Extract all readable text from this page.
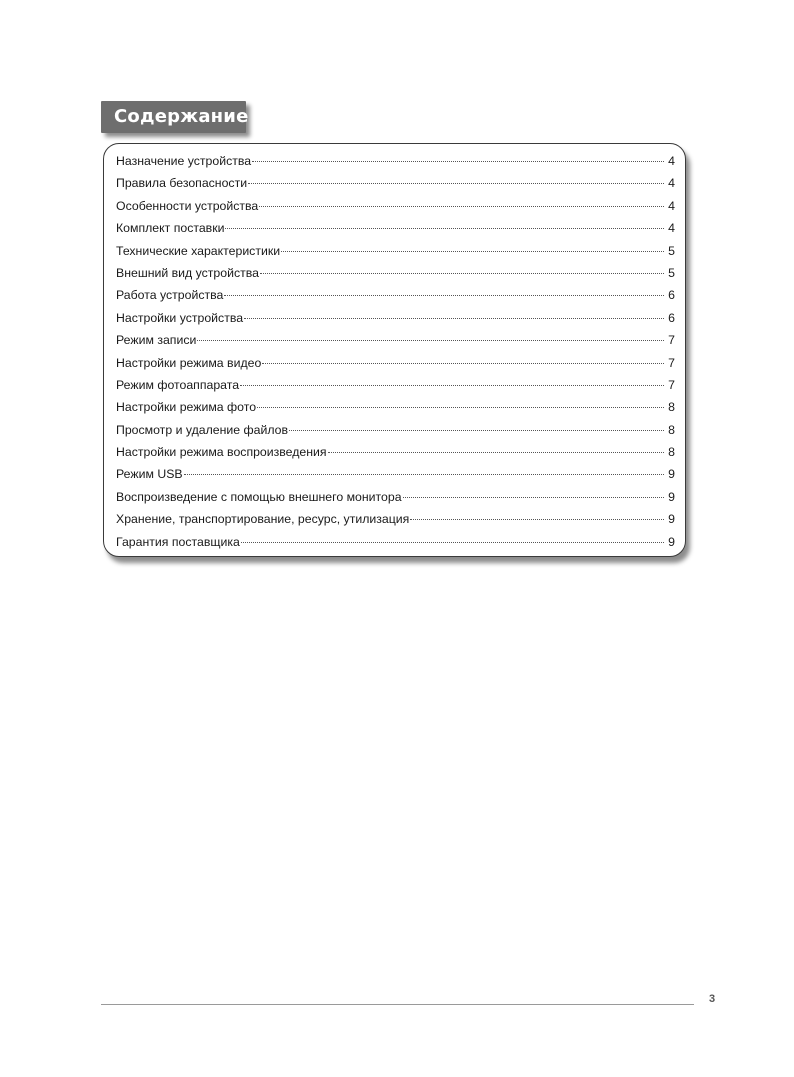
Содержание
Назначение устройства	4
Правила безопасности	4
Особенности устройства	4
Комплект поставки	4
Технические характеристики	5
Внешний вид устройства	5
Работа устройства	6
Настройки устройства	6
Режим записи	7
Настройки режима видео	7
Режим фотоаппарата	7
Настройки режима фото	8
Просмотр и удаление файлов	8
Настройки режима воспроизведения	8
Режим USB	9
Воспроизведение с помощью внешнего монитора	9
Хранение, транспортирование, ресурс, утилизация	9
Гарантия поставщика	9
3
